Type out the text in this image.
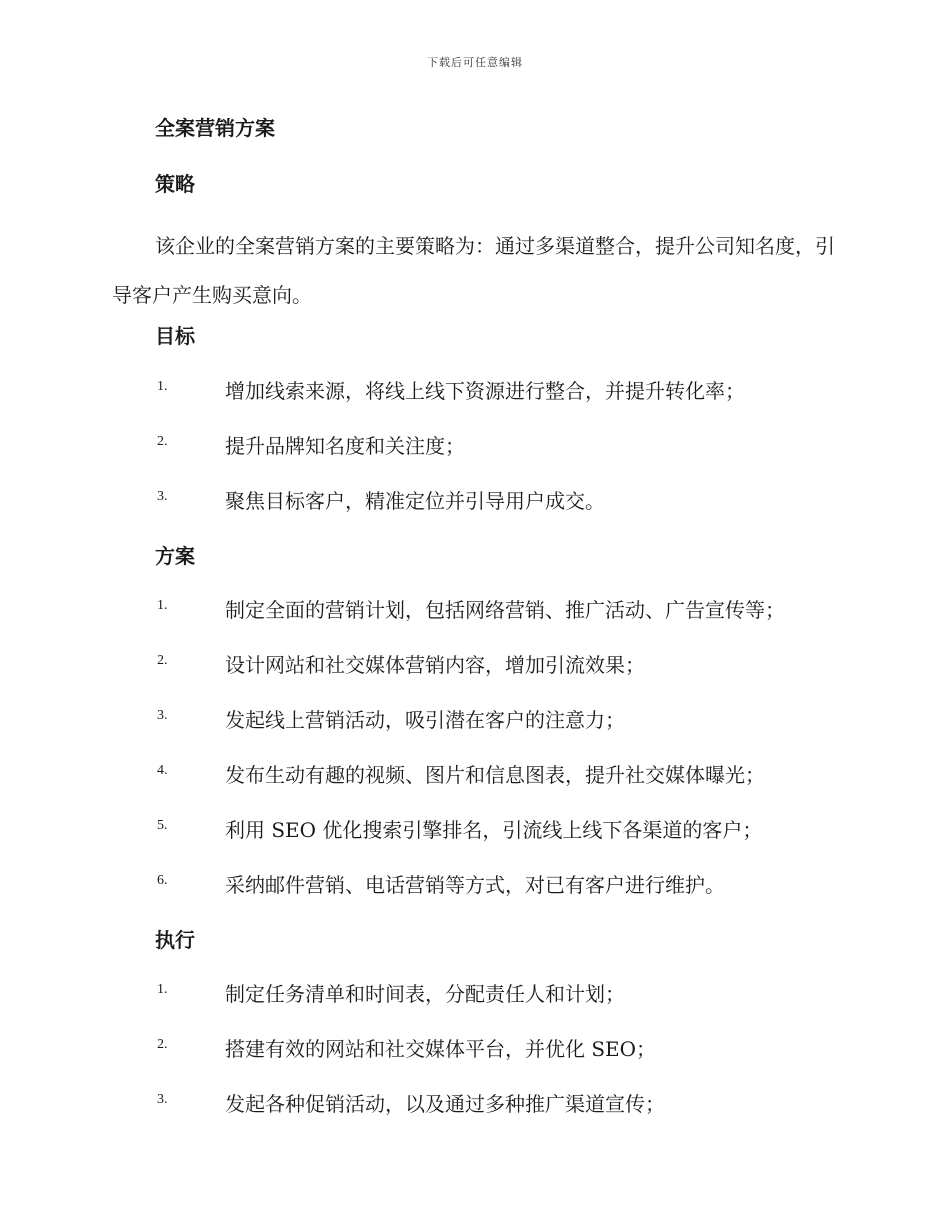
下载后可任意编辑
全案营销方案
策略
该企业的全案营销方案的主要策略为：通过多渠道整合，提升公司知名度，引导客户产生购买意向。
目标
1.	增加线索来源，将线上线下资源进行整合，并提升转化率；
2.	提升品牌知名度和关注度；
3.	聚焦目标客户，精准定位并引导用户成交。
方案
1.	制定全面的营销计划，包括网络营销、推广活动、广告宣传等；
2.	设计网站和社交媒体营销内容，增加引流效果；
3.	发起线上营销活动，吸引潜在客户的注意力；
4.	发布生动有趣的视频、图片和信息图表，提升社交媒体曝光；
5.	利用 SEO 优化搜索引擎排名，引流线上线下各渠道的客户；
6.	采纳邮件营销、电话营销等方式，对已有客户进行维护。
执行
1.	制定任务清单和时间表，分配责任人和计划；
2.	搭建有效的网站和社交媒体平台，并优化 SEO；
3.	发起各种促销活动，以及通过多种推广渠道宣传；
